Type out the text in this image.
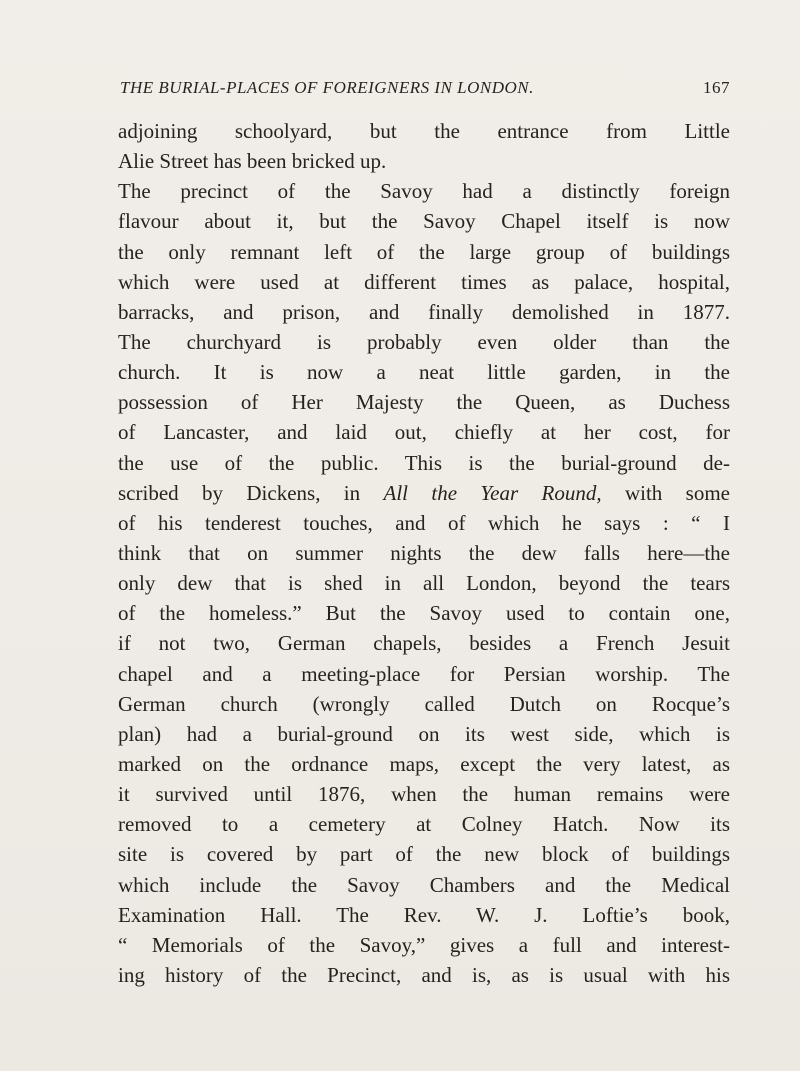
THE BURIAL-PLACES OF FOREIGNERS IN LONDON.	167
adjoining schoolyard, but the entrance from Little
Alie Street has been bricked up.
The precinct of the Savoy had a distinctly foreign
flavour about it, but the Savoy Chapel itself is now
the only remnant left of the large group of buildings
which were used at different times as palace, hospital,
barracks, and prison, and finally demolished in 1877.
The churchyard is probably even older than the
church. It is now a neat little garden, in the
possession of Her Majesty the Queen, as Duchess
of Lancaster, and laid out, chiefly at her cost, for
the use of the public. This is the burial-ground de-
scribed by Dickens, in All the Year Round, with some
of his tenderest touches, and of which he says : “ I
think that on summer nights the dew falls here—the
only dew that is shed in all London, beyond the tears
of the homeless.” But the Savoy used to contain one,
if not two, German chapels, besides a French Jesuit
chapel and a meeting-place for Persian worship. The
German church (wrongly called Dutch on Rocque’s
plan) had a burial-ground on its west side, which is
marked on the ordnance maps, except the very latest, as
it survived until 1876, when the human remains were
removed to a cemetery at Colney Hatch. Now its
site is covered by part of the new block of buildings
which include the Savoy Chambers and the Medical
Examination Hall. The Rev. W. J. Loftie’s book,
“ Memorials of the Savoy,” gives a full and interest-
ing history of the Precinct, and is, as is usual with his
